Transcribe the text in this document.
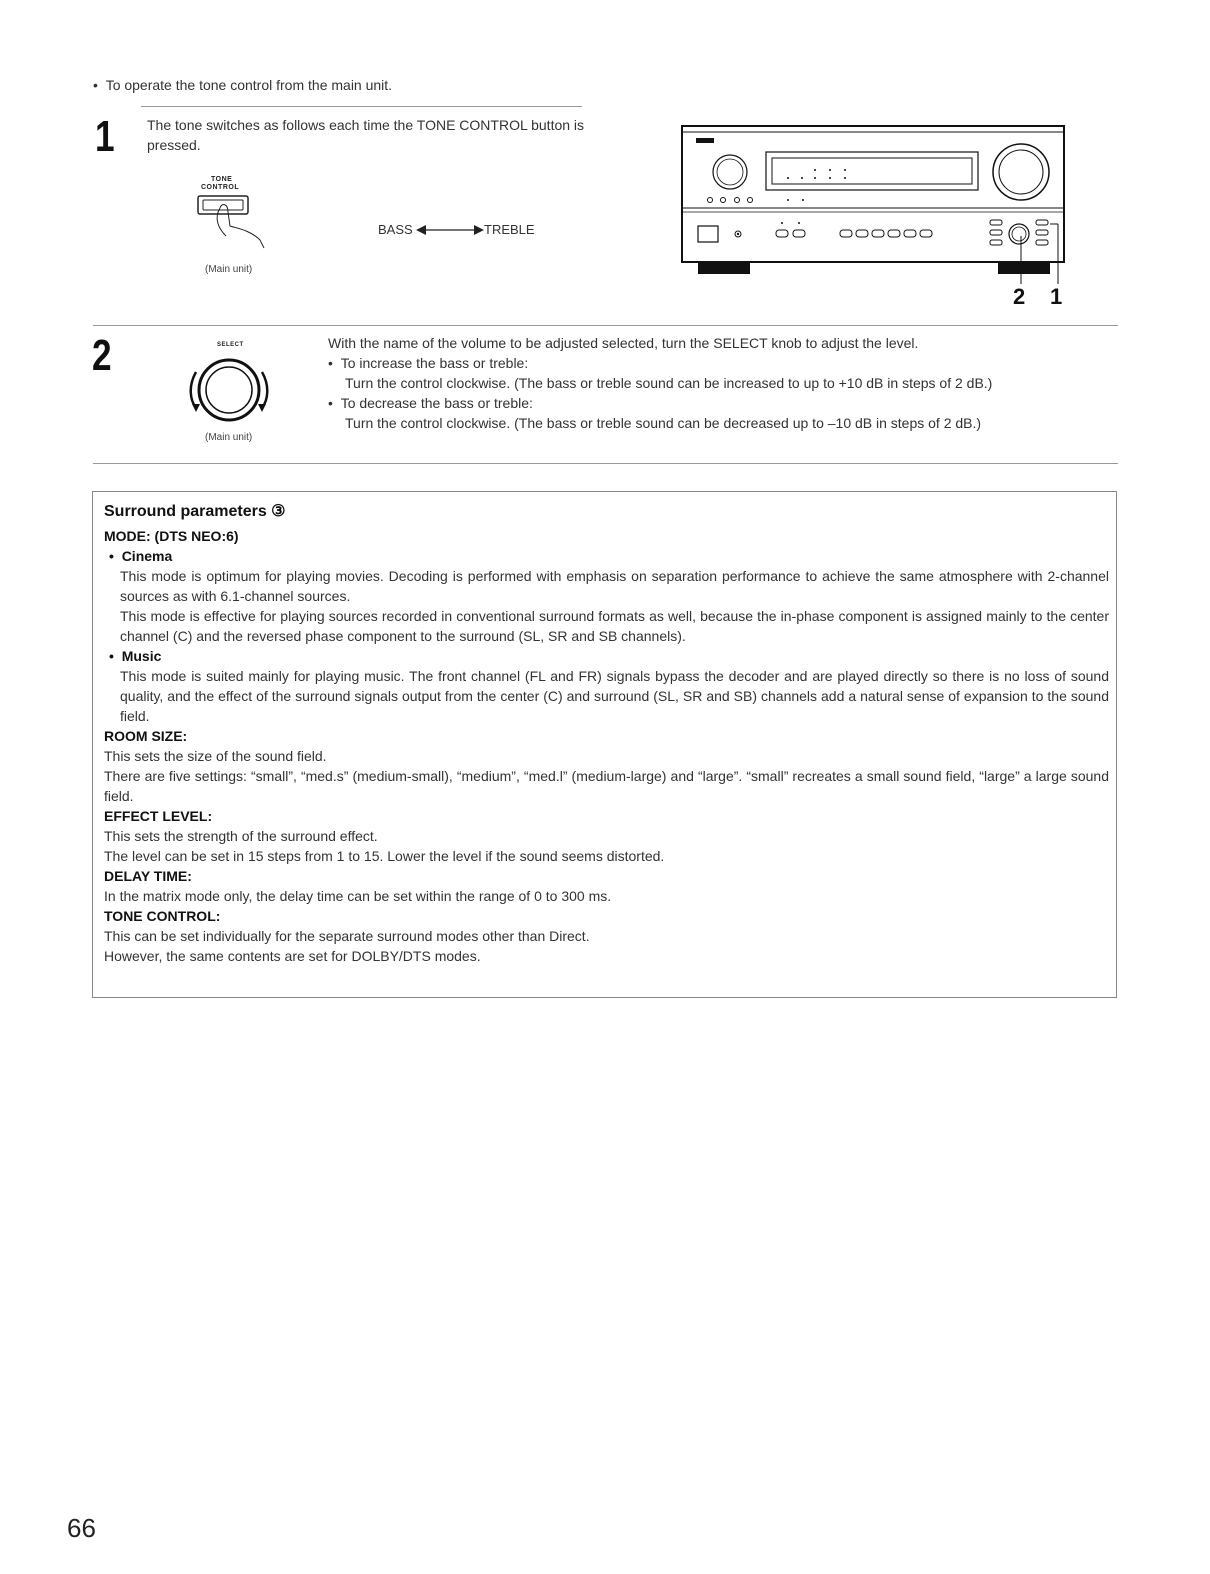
•  To operate the tone control from the main unit.
1 The tone switches as follows each time the TONE CONTROL button is pressed.
TONE
CONTROL
(Main unit)
BASS	TREBLE
2 1
2	SELECT
(Main unit)
With the name of the volume to be adjusted selected, turn the SELECT knob to adjust the level.
•  To increase the bass or treble:
Turn the control clockwise. (The bass or treble sound can be increased to up to +10 dB in steps of 2 dB.)
•  To decrease the bass or treble:
Turn the control clockwise. (The bass or treble sound can be decreased up to –10 dB in steps of 2 dB.)
Surround parameters ③
MODE: (DTS NEO:6)
•  Cinema
This mode is optimum for playing movies. Decoding is performed with emphasis on separation performance to achieve the same atmosphere with 2-channel sources as with 6.1-channel sources.
This mode is effective for playing sources recorded in conventional surround formats as well, because the in-phase component is assigned mainly to the center channel (C) and the reversed phase component to the surround (SL, SR and SB channels).
•  Music
This mode is suited mainly for playing music. The front channel (FL and FR) signals bypass the decoder and are played directly so there is no loss of sound quality, and the effect of the surround signals output from the center (C) and surround (SL, SR and SB) channels add a natural sense of expansion to the sound field.
ROOM SIZE:
This sets the size of the sound field.
There are five settings: “small”, “med.s” (medium-small), “medium”, “med.l” (medium-large) and “large”. “small” recreates a small sound field, “large” a large sound field.
EFFECT LEVEL:
This sets the strength of the surround effect.
The level can be set in 15 steps from 1 to 15. Lower the level if the sound seems distorted.
DELAY TIME:
In the matrix mode only, the delay time can be set within the range of 0 to 300 ms.
TONE CONTROL:
This can be set individually for the separate surround modes other than Direct.
However, the same contents are set for DOLBY/DTS modes.
66
